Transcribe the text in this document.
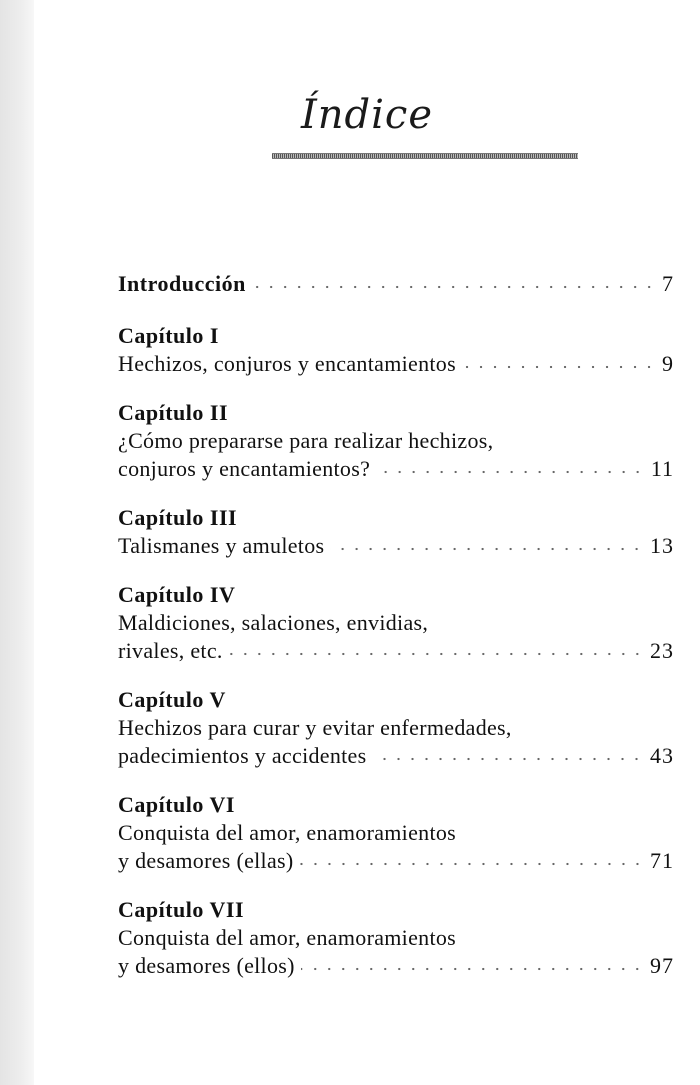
Índice
Introducción	7
Capítulo I
Hechizos, conjuros y encantamientos	9
Capítulo II
¿Cómo prepararse para realizar hechizos,
conjuros y encantamientos?	11
Capítulo III
Talismanes y amuletos	13
Capítulo IV
Maldiciones, salaciones, envidias,
rivales, etc.	23
Capítulo V
Hechizos para curar y evitar enfermedades,
padecimientos y accidentes	43
Capítulo VI
Conquista del amor, enamoramientos
y desamores (ellas)	71
Capítulo VII
Conquista del amor, enamoramientos
y desamores (ellos)	97
